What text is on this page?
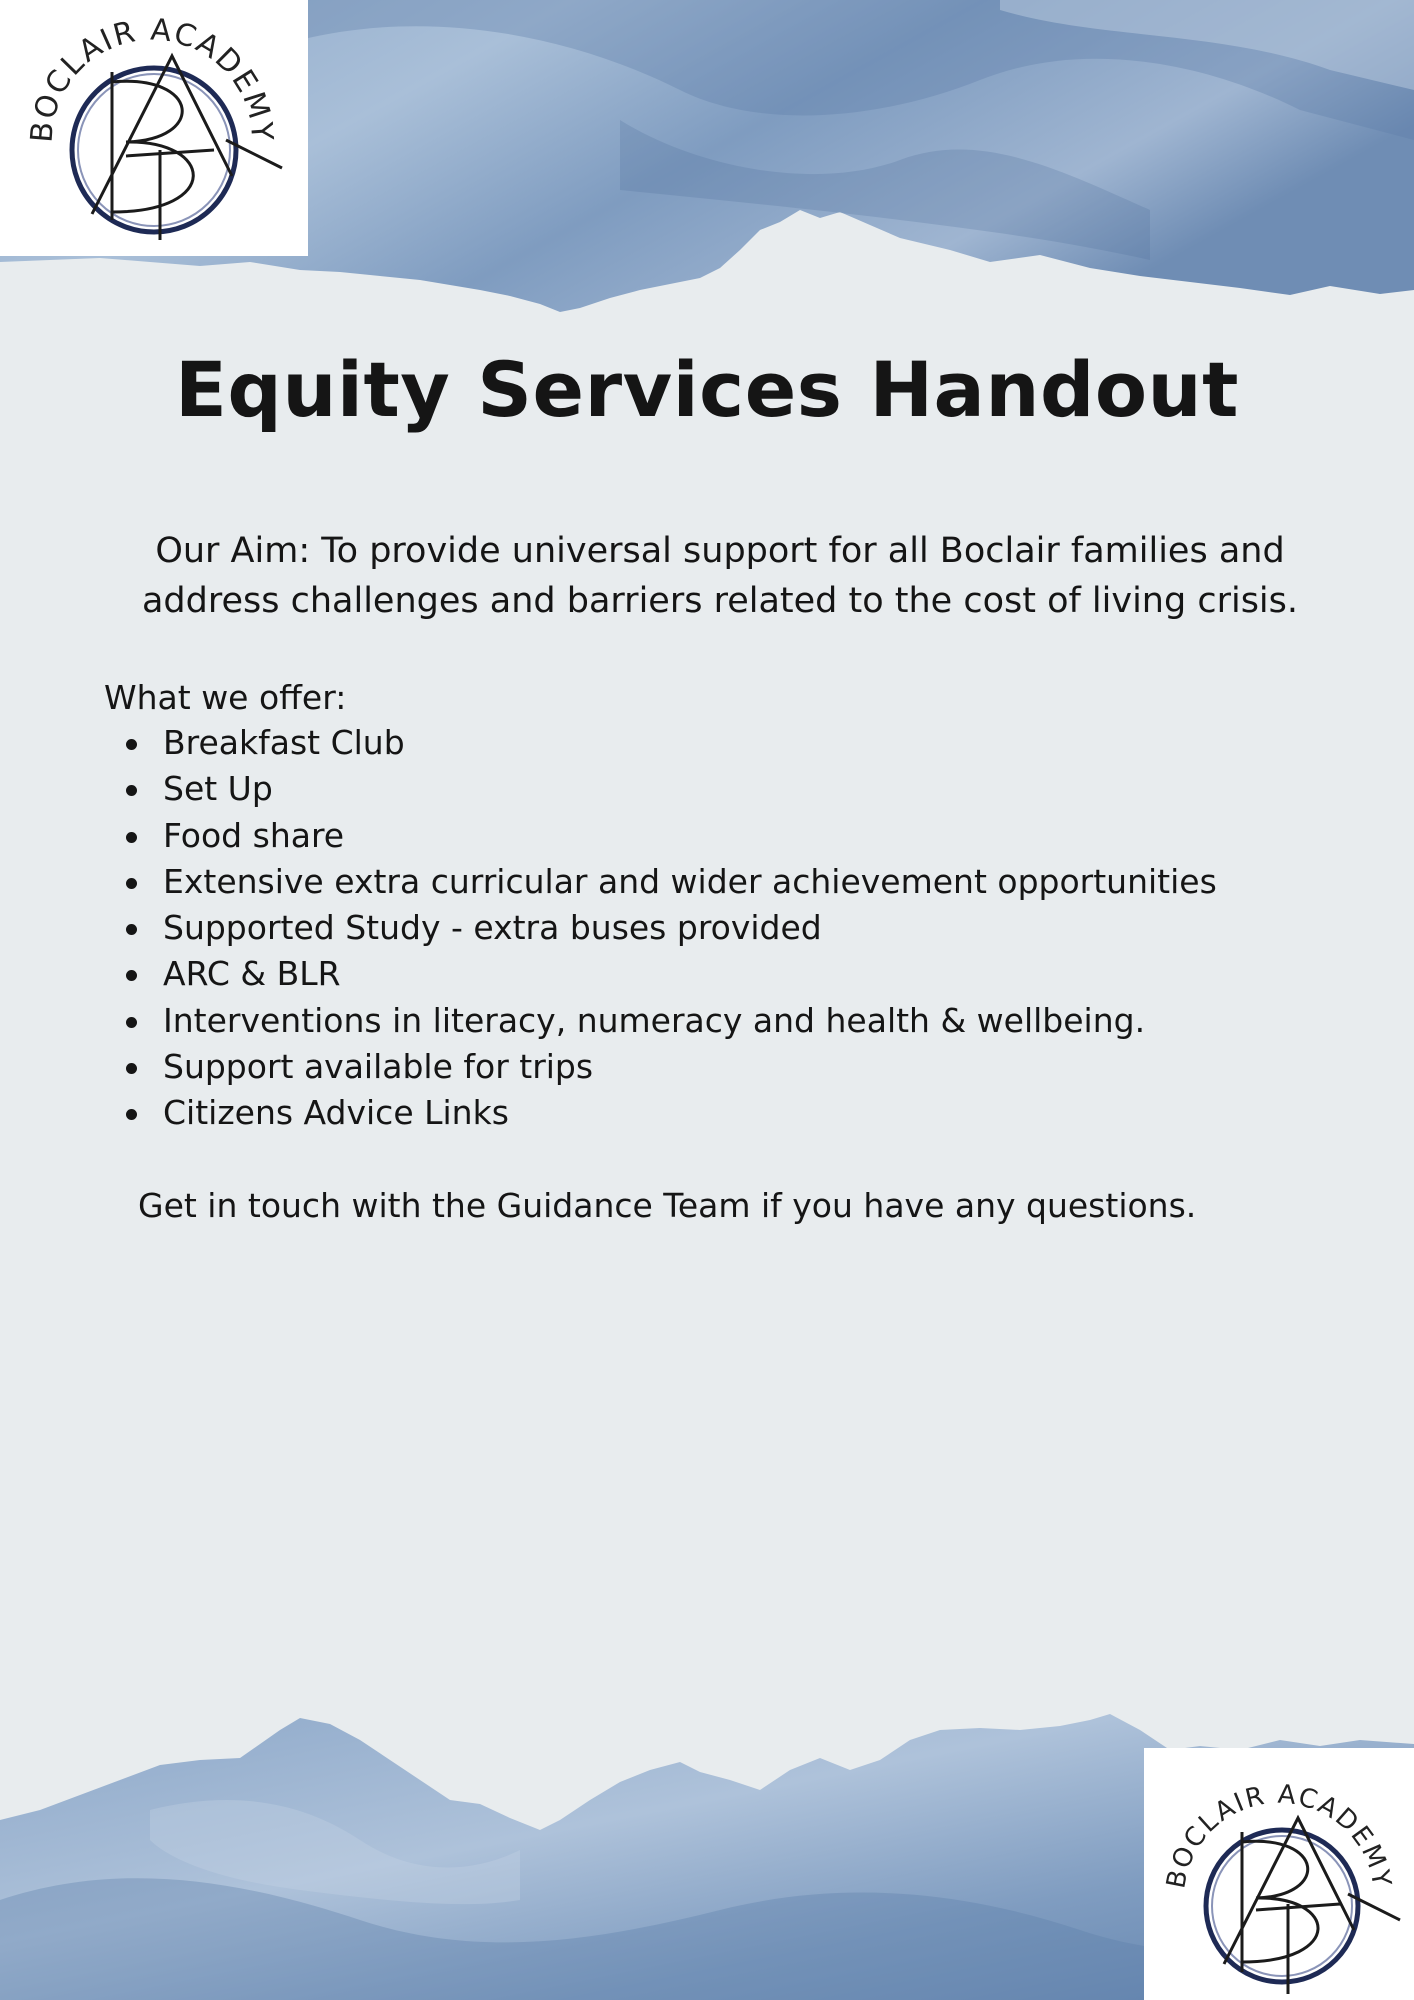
BOCLAIR ACADEMY
BOCLAIR ACADEMY
Equity Services Handout

Our Aim: To provide universal support for all Boclair families and
address challenges and barriers related to the cost of living crisis.

What we offer:

Breakfast Club
Set Up
Food share
Extensive extra curricular and wider achievement opportunities
Supported Study - extra buses provided
ARC & BLR
Interventions in literacy, numeracy and health & wellbeing.
Support available for trips
Citizens Advice Links

Get in touch with the Guidance Team if you have any questions.
